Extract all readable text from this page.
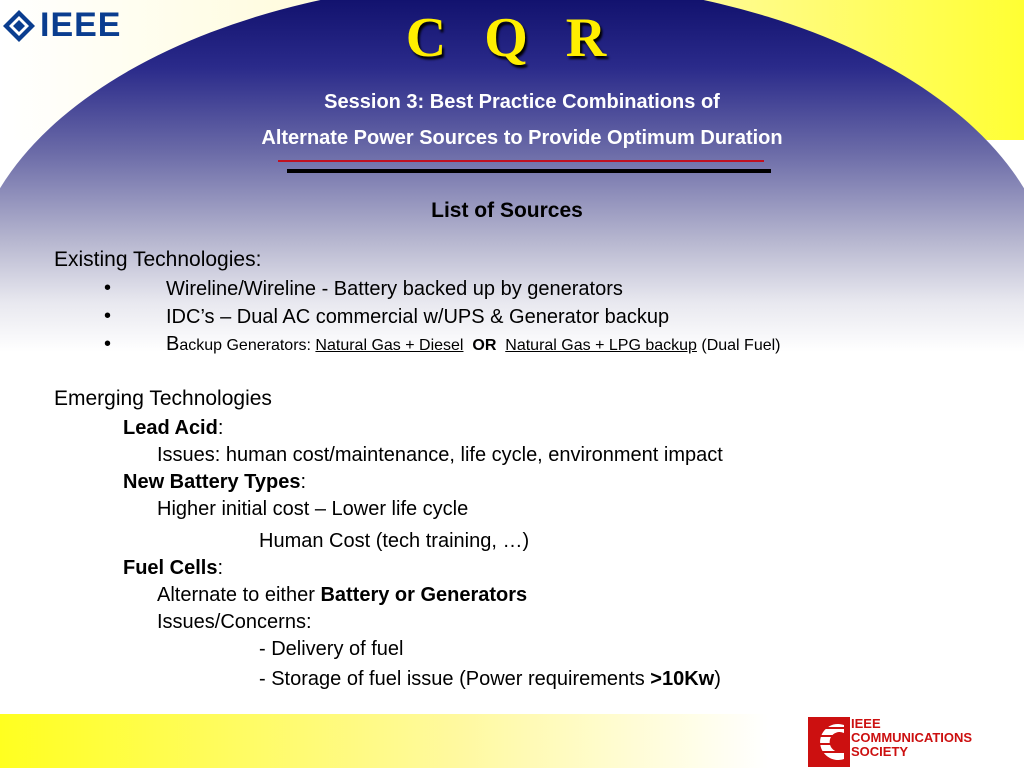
IEEE	C Q R
Session 3: Best Practice Combinations of
Alternate Power Sources to Provide Optimum Duration
List of Sources
Existing Technologies:
•	Wireline/Wireline - Battery backed up by generators
•	IDC’s – Dual AC commercial w/UPS & Generator backup
•	Backup Generators: Natural Gas + Diesel OR Natural Gas + LPG backup (Dual Fuel)
Emerging Technologies
Lead Acid:
Issues: human cost/maintenance, life cycle, environment impact
New Battery Types:
Higher initial cost – Lower life cycle
Human Cost (tech training, …)
Fuel Cells:
Alternate to either Battery or Generators
Issues/Concerns:
- Delivery of fuel
- Storage of fuel issue (Power requirements >10Kw)
IEEE
COMMUNICATIONS
SOCIETY
